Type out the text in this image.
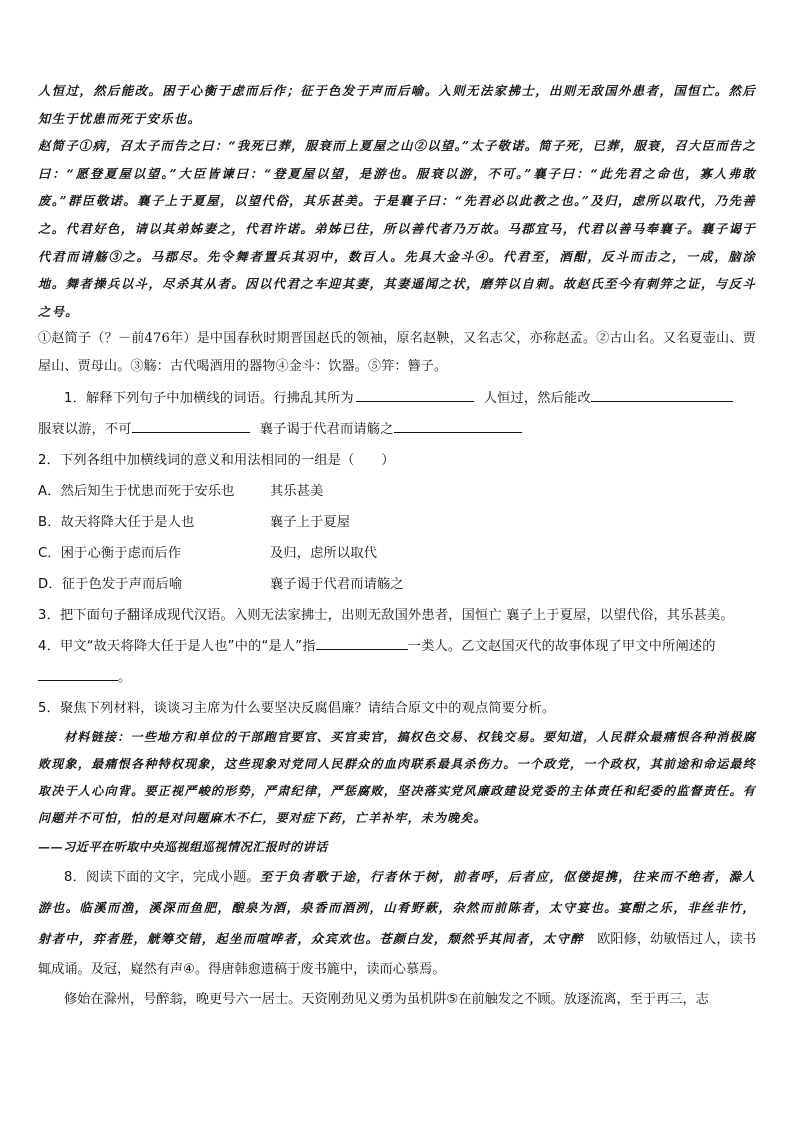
人恒过，然后能改。困于心衡于虑而后作；征于色发于声而后喻。入则无法家拂士，出则无敌国外患者，国恒亡。然后知生于忧患而死于安乐也。

赵简子①病，召太子而告之曰：“我死已葬，服衰而上夏屋之山②以望。”太子敬诺。简子死，已葬，服衰，召大臣而告之曰：“愿登夏屋以望。”大臣皆谏曰：“登夏屋以望，是游也。服衰以游，不可。”襄子曰：“此先君之命也，寡人弗敢废。”群臣敬诺。襄子上于夏屋，以望代俗，其乐甚美。于是襄子曰：“先君必以此教之也。”及归，虑所以取代，乃先善之。代君好色，请以其弟姊妻之，代君许诺。弟姊已往，所以善代者乃万故。马郡宜马，代君以善马奉襄子。襄子谒于代君而请觞③之。马郡尽。先令舞者置兵其羽中，数百人。先具大金斗④。代君至，酒酣，反斗而击之，一成，脑涂地。舞者操兵以斗，尽杀其从者。因以代君之车迎其妻，其妻遥闻之状，磨笄以自刺。故赵氏至今有刺笄之证，与反斗之号。

①赵简子（？－前476年）是中国春秋时期晋国赵氏的领袖，原名赵鞅，又名志父，亦称赵孟。②古山名。又名夏壶山、贾屋山、贾母山。③觞：古代喝酒用的器物④金斗：饮器。⑤笄：簪子。

1．解释下列句子中加横线的词语。行拂乱其所为	人恒过，然后能改
服衰以游，不可	襄子谒于代君而请觞之

2．下列各组中加横线词的意义和用法相同的一组是（　　）

A．然后知生于忧患而死于安乐也	其乐甚美
B．故天将降大任于是人也	襄子上于夏屋
C．困于心衡于虑而后作	及归，虑所以取代
D．征于色发于声而后喻	襄子谒于代君而请觞之

3．把下面句子翻译成现代汉语。入则无法家拂士，出则无敌国外患者，国恒亡 襄子上于夏屋，以望代俗，其乐甚美。

4．甲文“故天将降大任于是人也”中的“是人”指	一类人。乙文赵国灭代的故事体现了甲文中所阐述的
。

5．聚焦下列材料，谈谈习主席为什么要坚决反腐倡廉？请结合原文中的观点简要分析。

材料链接：一些地方和单位的干部跑官要官、买官卖官，搞权色交易、权钱交易。要知道，人民群众最痛恨各种消极腐败现象，最痛恨各种特权现象，这些现象对党同人民群众的血肉联系最具杀伤力。一个政党，一个政权，其前途和命运最终取决于人心向背。要正视严峻的形势，严肃纪律，严惩腐败，坚决落实党风廉政建设党委的主体责任和纪委的监督责任。有问题并不可怕，怕的是对问题麻木不仁，要对症下药，亡羊补牢，未为晚矣。

——习近平在听取中央巡视组巡视情况汇报时的讲话

8．阅读下面的文字，完成小题。至于负者歌于途，行者休于树，前者呼，后者应，伛偻提携，往来而不绝者，滁人游也。临溪而渔，溪深而鱼肥，酿泉为酒，泉香而酒洌，山肴野蔌，杂然而前陈者，太守宴也。宴酣之乐，非丝非竹，射者中，弈者胜，觥筹交错，起坐而喧哗者，众宾欢也。苍颜白发，颓然乎其间者，太守醉　 欧阳修，幼敏悟过人，读书辄成诵。及冠，嶷然有声④。得唐韩愈遗稿于废书簏中，读而心慕焉。

修始在滁州，号醉翁，晚更号六一居士。天资刚劲见义勇为虽机阱⑤在前触发之不顾。放逐流离，至于再三，志
